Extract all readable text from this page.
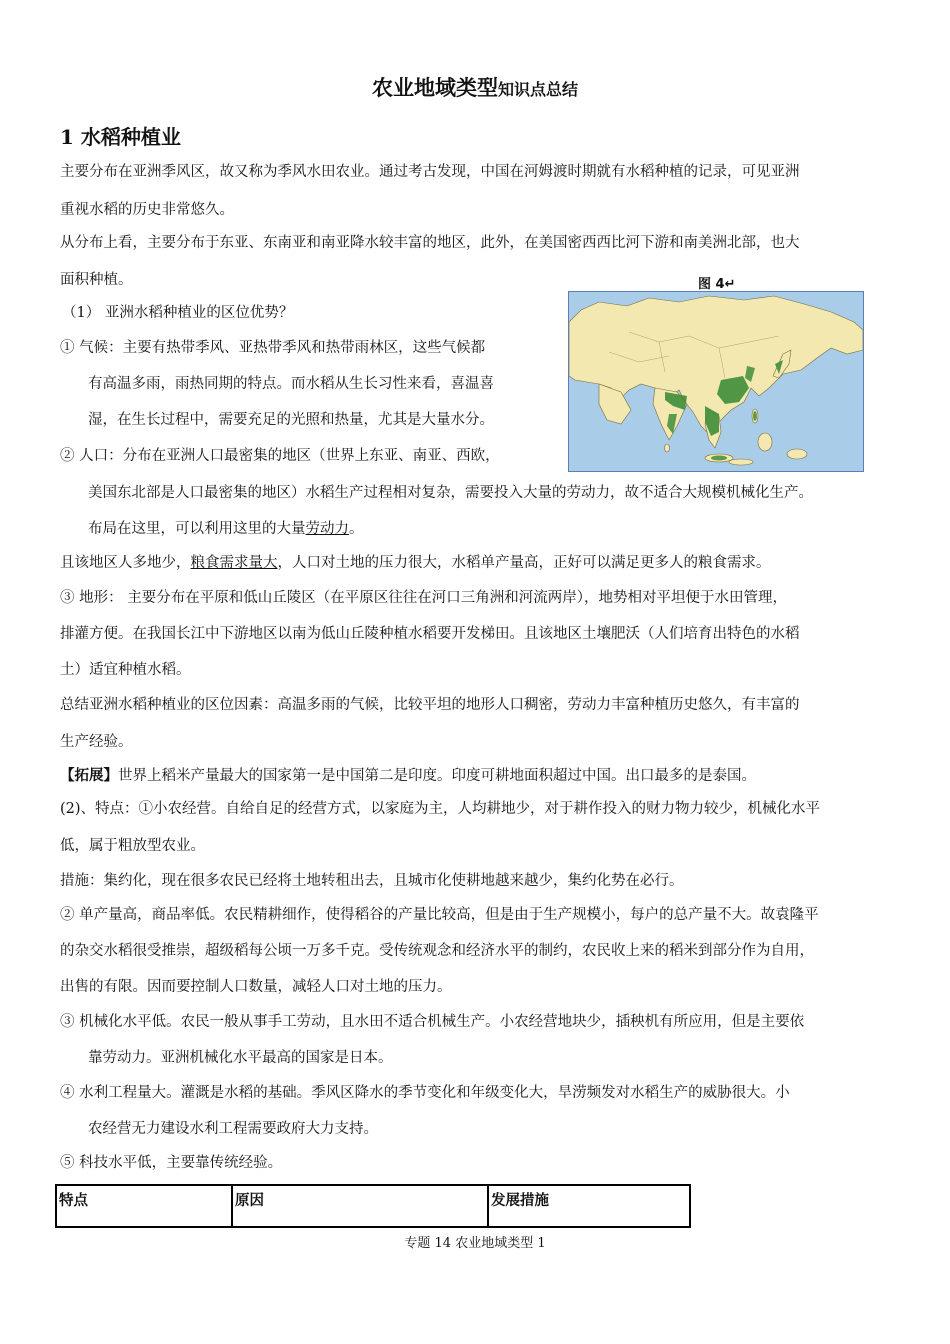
农业地域类型知识点总结
1 水稻种植业
主要分布在亚洲季风区，故又称为季风水田农业。通过考古发现，中国在河姆渡时期就有水稻种植的记录，可见亚洲
重视水稻的历史非常悠久。
从分布上看，主要分布于东亚、东南亚和南亚降水较丰富的地区，此外，在美国密西西比河下游和南美洲北部，也大
面积种植。
（1） 亚洲水稻种植业的区位优势？
① 气候：主要有热带季风、亚热带季风和热带雨林区，这些气候都
有高温多雨，雨热同期的特点。而水稻从生长习性来看，喜温喜
湿，在生长过程中，需要充足的光照和热量，尤其是大量水分。
② 人口：分布在亚洲人口最密集的地区（世界上东亚、南亚、西欧，
美国东北部是人口最密集的地区）水稻生产过程相对复杂，需要投入大量的劳动力，故不适合大规模机械化生产。
布局在这里，可以利用这里的大量劳动力。
且该地区人多地少，粮食需求量大，人口对土地的压力很大，水稻单产量高，正好可以满足更多人的粮食需求。
③ 地形： 主要分布在平原和低山丘陵区（在平原区往往在河口三角洲和河流两岸），地势相对平坦便于水田管理，
排灌方便。在我国长江中下游地区以南为低山丘陵种植水稻要开发梯田。且该地区土壤肥沃（人们培育出特色的水稻
土）适宜种植水稻。
总结亚洲水稻种植业的区位因素：高温多雨的气候，比较平坦的地形人口稠密，劳动力丰富种植历史悠久，有丰富的
生产经验。
【拓展】世界上稻米产量最大的国家第一是中国第二是印度。印度可耕地面积超过中国。出口最多的是泰国。
(2)、特点：①小农经营。自给自足的经营方式，以家庭为主，人均耕地少，对于耕作投入的财力物力较少，机械化水平
低，属于粗放型农业。
措施：集约化，现在很多农民已经将土地转租出去，且城市化使耕地越来越少，集约化势在必行。
② 单产量高，商品率低。农民精耕细作，使得稻谷的产量比较高，但是由于生产规模小，每户的总产量不大。故袁隆平
的杂交水稻很受推崇，超级稻每公顷一万多千克。受传统观念和经济水平的制约，农民收上来的稻米到部分作为自用，
出售的有限。因而要控制人口数量，减轻人口对土地的压力。
③ 机械化水平低。农民一般从事手工劳动，且水田不适合机械生产。小农经营地块少，插秧机有所应用，但是主要依
靠劳动力。亚洲机械化水平最高的国家是日本。
④ 水利工程量大。灌溉是水稻的基础。季风区降水的季节变化和年级变化大，旱涝频发对水稻生产的威胁很大。小
农经营无力建设水利工程需要政府大力支持。
⑤ 科技水平低，主要靠传统经验。
图 4↵
特点	原因	发展措施
专题 14 农业地域类型 1
